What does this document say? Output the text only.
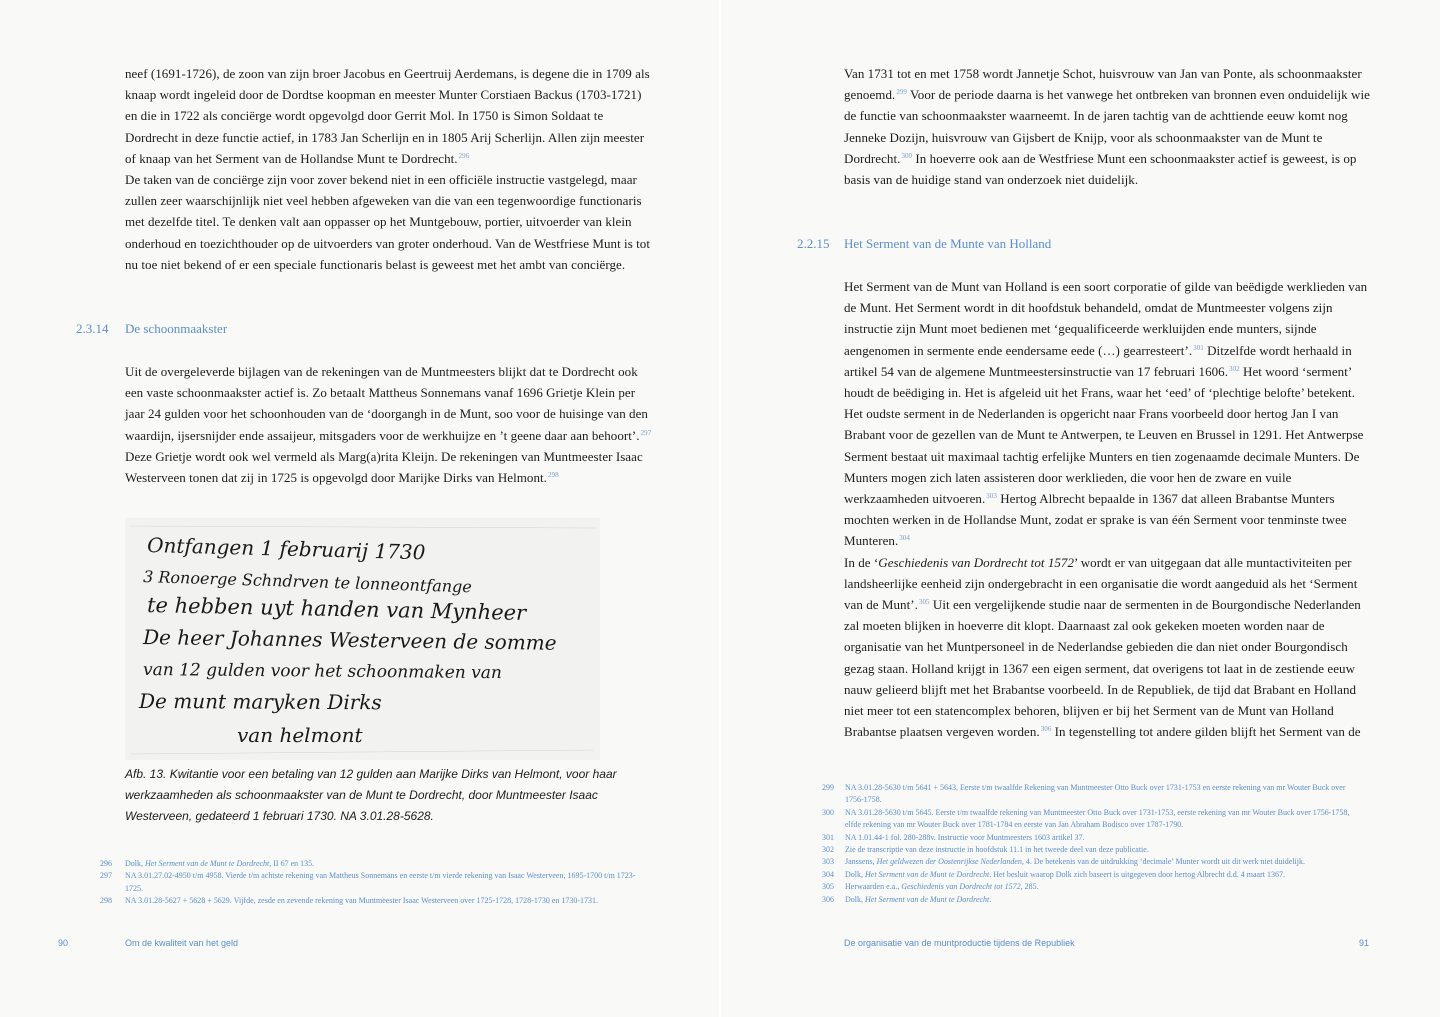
neef (1691-1726), de zoon van zijn broer Jacobus en Geertruij Aerdemans, is degene die in 1709 als knaap wordt ingeleid door de Dordtse koopman en meester Munter Corstiaen Backus (1703-1721) en die in 1722 als conciërge wordt opgevolgd door Gerrit Mol. In 1750 is Simon Soldaat te Dordrecht in deze functie actief, in 1783 Jan Scherlijn en in 1805 Arij Scherlijn. Allen zijn meester of knaap van het Serment van de Hollandse Munt te Dordrecht.$^{296}$

De taken van de conciërge zijn voor zover bekend niet in een officiële instructie vastgelegd, maar zullen zeer waarschijnlijk niet veel hebben afgeweken van die van een tegenwoordige functionaris met dezelfde titel. Te denken valt aan oppasser op het Muntgebouw, portier, uitvoerder van klein onderhoud en toezichthouder op de uitvoerders van groter onderhoud. Van de Westfriese Munt is tot nu toe niet bekend of er een speciale functionaris belast is geweest met het ambt van conciërge.

2.3.14 De schoonmaakster

Uit de overgeleverde bijlagen van de rekeningen van de Muntmeesters blijkt dat te Dordrecht ook een vaste schoonmaakster actief is. Zo betaalt Mattheus Sonnemans vanaf 1696 Grietje Klein per jaar 24 gulden voor het schoonhouden van de ‘doorgangh in de Munt, soo voor de huisinge van den waardijn, ijsersnijder ende assaijeur, mitsgaders voor de werkhuijze en ’t geene daar aan behoort’.$^{297}$ Deze Grietje wordt ook wel vermeld als Marg(a)rita Kleijn. De rekeningen van Muntmeester Isaac Westerveen tonen dat zij in 1725 is opgevolgd door Marijke Dirks van Helmont.$^{298}$

Ontfangen 1 februarij 1730
3 Ronoerge Schndrven te lonneontfange
te hebben uyt handen van Mynheer
De heer Johannes Westerveen de somme
van 12 gulden voor het schoonmaken van
De munt maryken Dirks
van helmont
Afb. 13. Kwitantie voor een betaling van 12 gulden aan Marijke Dirks van Helmont, voor haar werkzaamheden als schoonmaakster van de Munt te Dordrecht, door Muntmeester Isaac Westerveen, gedateerd 1 februari 1730. NA 3.01.28-5628.
296 Dolk, Het Serment van de Munt te Dordrecht, II 67 en 135.
297 NA 3.01.27.02-4950 t/m 4958. Vierde t/m achtste rekening van Mattheus Sonnemans en eerste t/m vierde rekening van Isaac Westerveen, 1695-1700 t/m 1723-1725.
298 NA 3.01.28-5627 + 5628 + 5629. Vijfde, zesde en zevende rekening van Muntmeester Isaac Westerveen over 1725-1728, 1728-1730 en 1730-1731.
90	Om de kwaliteit van het geld

Van 1731 tot en met 1758 wordt Jannetje Schot, huisvrouw van Jan van Ponte, als schoonmaakster genoemd.$^{299}$ Voor de periode daarna is het vanwege het ontbreken van bronnen even onduidelijk wie de functie van schoonmaakster waarneemt. In de jaren tachtig van de achttiende eeuw komt nog Jenneke Dozijn, huisvrouw van Gijsbert de Knijp, voor als schoonmaakster van de Munt te Dordrecht.$^{300}$ In hoeverre ook aan de Westfriese Munt een schoonmaakster actief is geweest, is op basis van de huidige stand van onderzoek niet duidelijk.

2.2.15 Het Serment van de Munte van Holland

Het Serment van de Munt van Holland is een soort corporatie of gilde van beëdigde werklieden van de Munt. Het Serment wordt in dit hoofdstuk behandeld, omdat de Muntmeester volgens zijn instructie zijn Munt moet bedienen met ‘gequalificeerde werkluijden ende munters, sijnde aengenomen in sermente ende eendersame eede (…) gearresteert’.$^{301}$ Ditzelfde wordt herhaald in artikel 54 van de algemene Muntmeestersinstructie van 17 februari 1606.$^{302}$ Het woord ‘serment’ houdt de beëdiging in. Het is afgeleid uit het Frans, waar het ‘eed’ of ‘plechtige belofte’ betekent. Het oudste serment in de Nederlanden is opgericht naar Frans voorbeeld door hertog Jan I van Brabant voor de gezellen van de Munt te Antwerpen, te Leuven en Brussel in 1291. Het Antwerpse Serment bestaat uit maximaal tachtig erfelijke Munters en tien zogenaamde decimale Munters. De Munters mogen zich laten assisteren door werklieden, die voor hen de zware en vuile werkzaamheden uitvoeren.$^{303}$ Hertog Albrecht bepaalde in 1367 dat alleen Brabantse Munters mochten werken in de Hollandse Munt, zodat er sprake is van één Serment voor tenminste twee Munteren.$^{304}$

In de ‘Geschiedenis van Dordrecht tot 1572’ wordt er van uitgegaan dat alle muntactiviteiten per landsheerlijke eenheid zijn ondergebracht in een organisatie die wordt aangeduid als het ‘Serment van de Munt’.$^{305}$ Uit een vergelijkende studie naar de sermenten in de Bourgondische Nederlanden zal moeten blijken in hoeverre dit klopt. Daarnaast zal ook gekeken moeten worden naar de organisatie van het Muntpersoneel in de Nederlandse gebieden die dan niet onder Bourgondisch gezag staan. Holland krijgt in 1367 een eigen serment, dat overigens tot laat in de zestiende eeuw nauw gelieerd blijft met het Brabantse voorbeeld. In de Republiek, de tijd dat Brabant en Holland niet meer tot een statencomplex behoren, blijven er bij het Serment van de Munt van Holland Brabantse plaatsen vergeven worden.$^{306}$ In tegenstelling tot andere gilden blijft het Serment van de

299 NA 3.01.28-5630 t/m 5641 + 5643. Eerste t/m twaalfde Rekening van Muntmeester Otto Buck over 1731-1753 en eerste rekening van mr Wouter Buck over 1756-1758.
300 NA 3.01.28-5630 t/m 5645. Eerste t/m twaalfde rekening van Muntmeester Otto Buck over 1731-1753, eerste rekening van mr Wouter Buck over 1756-1758, elfde rekening van mr Wouter Buck over 1781-1784 en eerste van Jan Abraham Bodisco over 1787-1790.
301 NA 1.01.44-1 fol. 280-288v. Instructie voor Muntmeesters 1603 artikel 37.
302 Zie de transcriptie van deze instructie in hoofdstuk 11.1 in het tweede deel van deze publicatie.
303 Janssens, Het geldwezen der Oostenrijkse Nederlanden, 4. De betekenis van de uitdrukking ‘decimale’ Munter wordt uit dit werk niet duidelijk.
304 Dolk, Het Serment van de Munt te Dordrecht. Het besluit waarop Dolk zich baseert is uitgegeven door hertog Albrecht d.d. 4 maart 1367.
305 Herwaarden e.a., Geschiedenis van Dordrecht tot 1572, 285.
306 Dolk, Het Serment van de Munt te Dordrecht.
De organisatie van de muntproductie tijdens de Republiek	91
